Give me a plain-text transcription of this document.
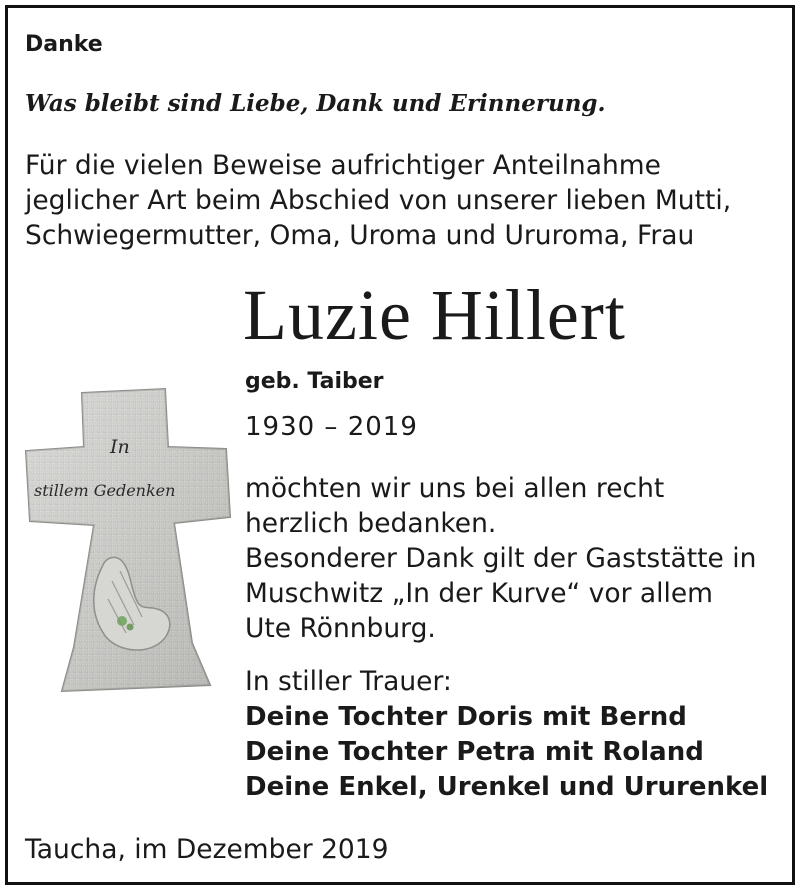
Danke
Was bleibt sind Liebe, Dank und Erinnerung.
Für die vielen Beweise aufrichtiger Anteilnahme
jeglicher Art beim Abschied von unserer lieben Mutti,
Schwiegermutter, Oma, Uroma und Ururoma, Frau
Luzie Hillert
geb. Taiber
1930 – 2019
In
stillem Gedenken	möchten wir uns bei allen recht
herzlich bedanken.
Besonderer Dank gilt der Gaststätte in
Muschwitz „In der Kurve“ vor allem
Ute Rönnburg.
In stiller Trauer:
Deine Tochter Doris mit Bernd
Deine Tochter Petra mit Roland
Deine Enkel, Urenkel und Ururenkel
Taucha, im Dezember 2019
